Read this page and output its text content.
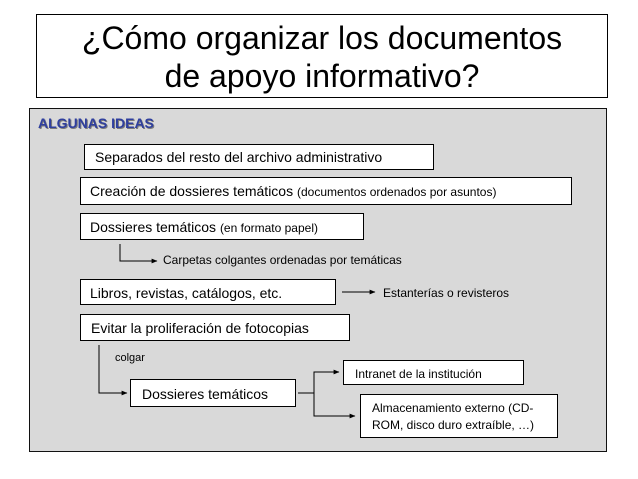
¿Cómo organizar los documentos
de apoyo informativo?
ALGUNAS IDEAS
Separados del resto del archivo administrativo
Creación de dossieres temáticos (documentos ordenados por asuntos)
Dossieres temáticos (en formato papel)
Carpetas colgantes ordenadas por temáticas
Libros, revistas, catálogos, etc.	Estanterías o revisteros
Evitar la proliferación de fotocopias
colgar
Dossieres temáticos
Intranet de la institución
Almacenamiento externo (CD-
ROM, disco duro extraíble, …)
